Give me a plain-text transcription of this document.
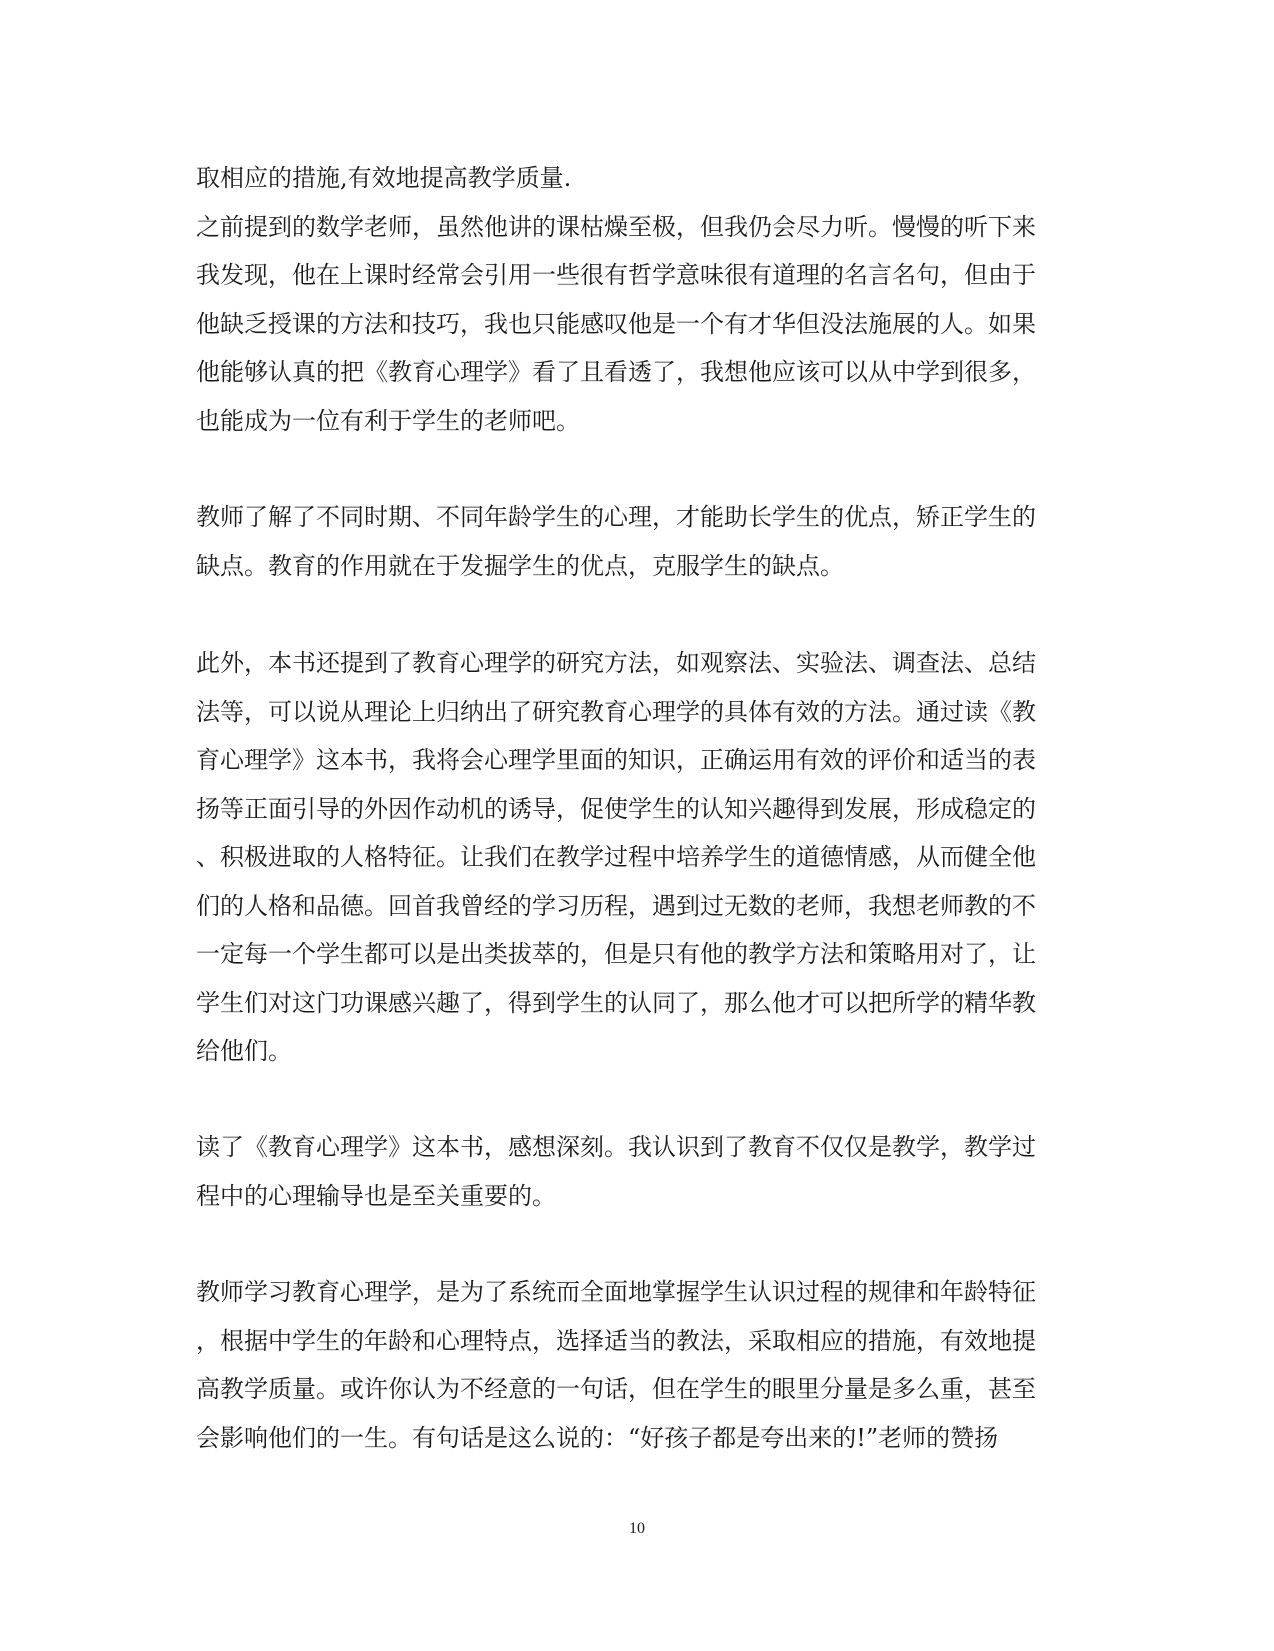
取相应的措施,有效地提高教学质量.
之前提到的数学老师，虽然他讲的课枯燥至极，但我仍会尽力听。慢慢的听下来
我发现，他在上课时经常会引用一些很有哲学意味很有道理的名言名句，但由于
他缺乏授课的方法和技巧，我也只能感叹他是一个有才华但没法施展的人。如果
他能够认真的把《教育心理学》看了且看透了，我想他应该可以从中学到很多，
也能成为一位有利于学生的老师吧。
教师了解了不同时期、不同年龄学生的心理，才能助长学生的优点，矫正学生的
缺点。教育的作用就在于发掘学生的优点，克服学生的缺点。
此外，本书还提到了教育心理学的研究方法，如观察法、实验法、调查法、总结
法等，可以说从理论上归纳出了研究教育心理学的具体有效的方法。通过读《教
育心理学》这本书，我将会心理学里面的知识，正确运用有效的评价和适当的表
扬等正面引导的外因作动机的诱导，促使学生的认知兴趣得到发展，形成稳定的
、积极进取的人格特征。让我们在教学过程中培养学生的道德情感，从而健全他
们的人格和品德。回首我曾经的学习历程，遇到过无数的老师，我想老师教的不
一定每一个学生都可以是出类拔萃的，但是只有他的教学方法和策略用对了，让
学生们对这门功课感兴趣了，得到学生的认同了，那么他才可以把所学的精华教
给他们。
读了《教育心理学》这本书，感想深刻。我认识到了教育不仅仅是教学，教学过
程中的心理输导也是至关重要的。
教师学习教育心理学，是为了系统而全面地掌握学生认识过程的规律和年龄特征
，根据中学生的年龄和心理特点，选择适当的教法，采取相应的措施，有效地提
高教学质量。或许你认为不经意的一句话，但在学生的眼里分量是多么重，甚至
会影响他们的一生。有句话是这么说的：“好孩子都是夸出来的!”老师的赞扬
10
